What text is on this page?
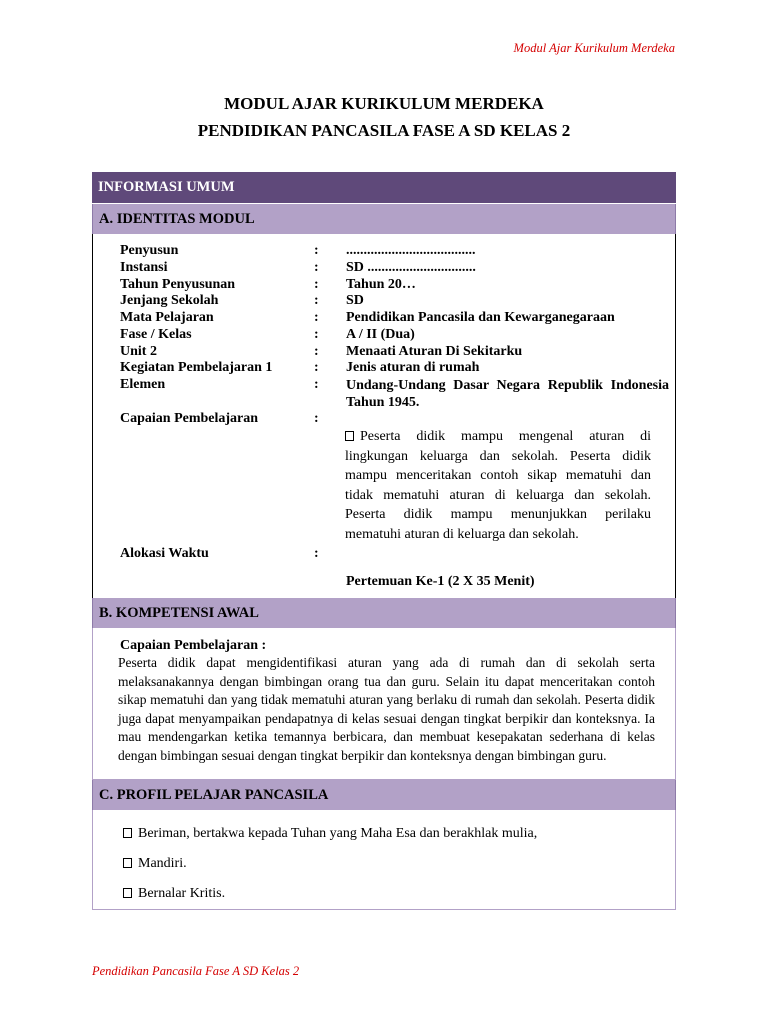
Modul Ajar Kurikulum Merdeka
MODUL AJAR KURIKULUM MERDEKA
PENDIDIKAN PANCASILA FASE A SD KELAS 2
INFORMASI UMUM
A. IDENTITAS MODUL
Penyusun	: .....................................
Instansi	: SD ...............................
Tahun Penyusunan	: Tahun 20…
Jenjang Sekolah	: SD
Mata Pelajaran	: Pendidikan Pancasila dan Kewarganegaraan
Fase / Kelas	: A / II (Dua)
Unit 2	: Menaati Aturan Di Sekitarku
Kegiatan Pembelajaran 1	: Jenis aturan di rumah
Elemen	: Undang-Undang Dasar Negara Republik Indonesia Tahun 1945.
Capaian Pembelajaran	:
Peserta didik mampu mengenal aturan di lingkungan keluarga dan sekolah. Peserta didik mampu menceritakan contoh sikap mematuhi dan tidak mematuhi aturan di keluarga dan sekolah. Peserta didik mampu menunjukkan perilaku mematuhi aturan di keluarga dan sekolah.
Alokasi Waktu	:
Pertemuan Ke-1 (2 X 35 Menit)
B. KOMPETENSI AWAL
Capaian Pembelajaran :
Peserta didik dapat mengidentifikasi aturan yang ada di rumah dan di sekolah serta melaksanakannya dengan bimbingan orang tua dan guru. Selain itu dapat menceritakan contoh sikap mematuhi dan yang tidak mematuhi aturan yang berlaku di rumah dan sekolah. Peserta didik juga dapat menyampaikan pendapatnya di kelas sesuai dengan tingkat berpikir dan konteksnya. Ia mau mendengarkan ketika temannya berbicara, dan membuat kesepakatan sederhana di kelas dengan bimbingan sesuai dengan tingkat berpikir dan konteksnya dengan bimbingan guru.
C. PROFIL PELAJAR PANCASILA
Beriman, bertakwa kepada Tuhan yang Maha Esa dan berakhlak mulia,
Mandiri.
Bernalar Kritis.
Pendidikan Pancasila Fase A SD Kelas 2
